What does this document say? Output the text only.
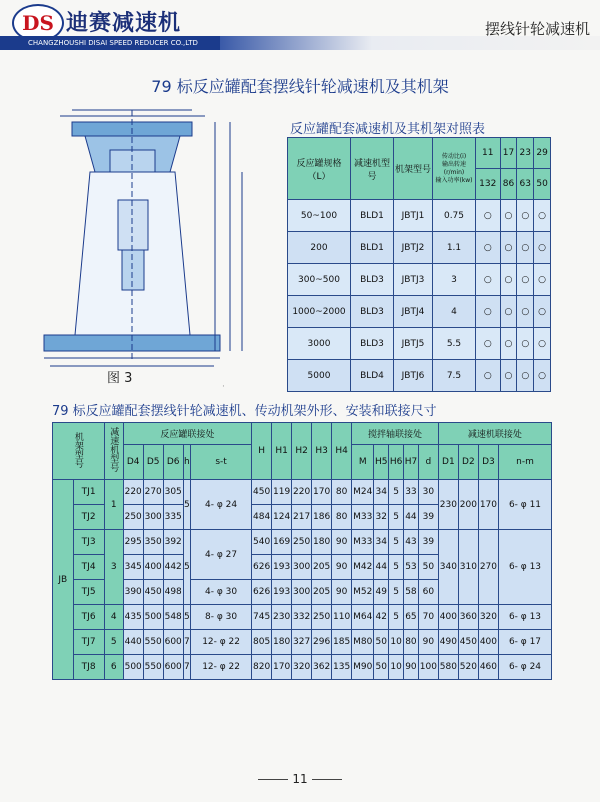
DS 迪赛减速机
CHANGZHOUSHI DISAI SPEED REDUCER CO.,LTD
摆线针轮减速机
79 标反应罐配套摆线针轮减速机及其机架
图 3
反应罐配套减速机及其机架对照表
反应罐规格（L）	减速机型号	机架型号	传动比(i)
输出转速(r/min)
输入功率(kw)	11	17	23	29
				132	86	63	50
50~100	BLD1	JBTJ1	0.75	○	○	○	○
200	BLD1	JBTJ2	1.1	○	○	○	○
300~500	BLD3	JBTJ3	3	○	○	○	○
1000~2000	BLD3	JBTJ4	4	○	○	○	○
3000	BLD3	JBTJ5	5.5	○	○	○	○
5000	BLD4	JBTJ6	7.5	○	○	○	○
79 标反应罐配套摆线针轮减速机、传动机架外形、安装和联接尺寸
机架型号		减速机型号	反应罐联接处					H	H1	H2	H3	H4	搅拌轴联接处					减速机联接处			
			D4	D5	D6	h	s-t						M	H5	H6	H7	d	D1	D2	D3	n-m
JB	TJ1	1	220	270	305	5	4- φ 24	450	119	220	170	80	M24	34	5	33	30	230	200	170	6- φ 11
	TJ2		250	300	335			484	124	217	186	80	M33	32	5	44	39				
	TJ3	3	295	350	392	5	4- φ 27	540	169	250	180	90	M33	34	5	43	39	340	310	270	6- φ 13
	TJ4		345	400	442			626	193	300	205	90	M42	44	5	53	50				
	TJ5		390	450	498		4- φ 30	626	193	300	205	90	M52	49	5	58	60				
	TJ6	4	435	500	548	5	8- φ 30	745	230	332	250	110	M64	42	5	65	70	400	360	320	6- φ 13
	TJ7	5	440	550	600	7	12- φ 22	805	180	327	296	185	M80	50	10	80	90	490	450	400	6- φ 17
	TJ8	6	500	550	600	7	12- φ 22	820	170	320	362	135	M90	50	10	90	100	580	520	460	6- φ 24
·
11
